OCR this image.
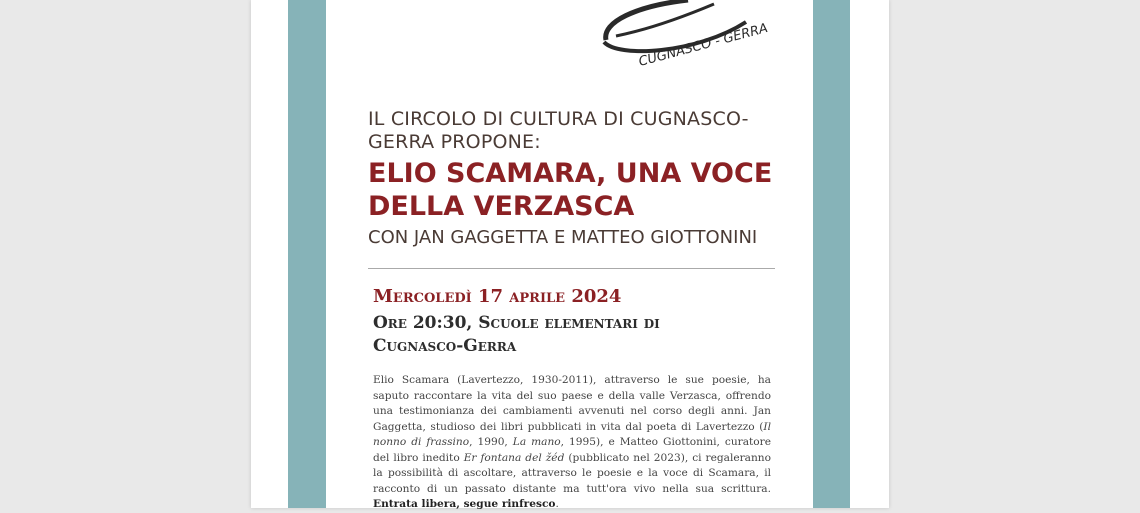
CUGNASCO - GERRA
IL CIRCOLO DI CULTURA DI CUGNASCO-GERRA PROPONE:
ELIO SCAMARA, UNA VOCE DELLA VERZASCA
CON JAN GAGGETTA E MATTEO GIOTTONINI
Mercoledì 17 aprile 2024
Ore 20:30, Scuole elementari di Cugnasco-Gerra
Elio Scamara (Lavertezzo, 1930-2011), attraverso le sue poesie, ha saputo raccontare la vita del suo paese e della valle Verzasca, offrendo una testimonianza dei cambiamenti avvenuti nel corso degli anni. Jan Gaggetta, studioso dei libri pubblicati in vita dal poeta di Lavertezzo (Il nonno di frassino, 1990, La mano, 1995), e Matteo Giottonini, curatore del libro inedito Er fontana del žéd (pubblicato nel 2023), ci regaleranno la possibilità di ascoltare, attraverso le poesie e la voce di Scamara, il racconto di un passato distante ma tutt'ora vivo nella sua scrittura. Entrata libera, segue rinfresco.
